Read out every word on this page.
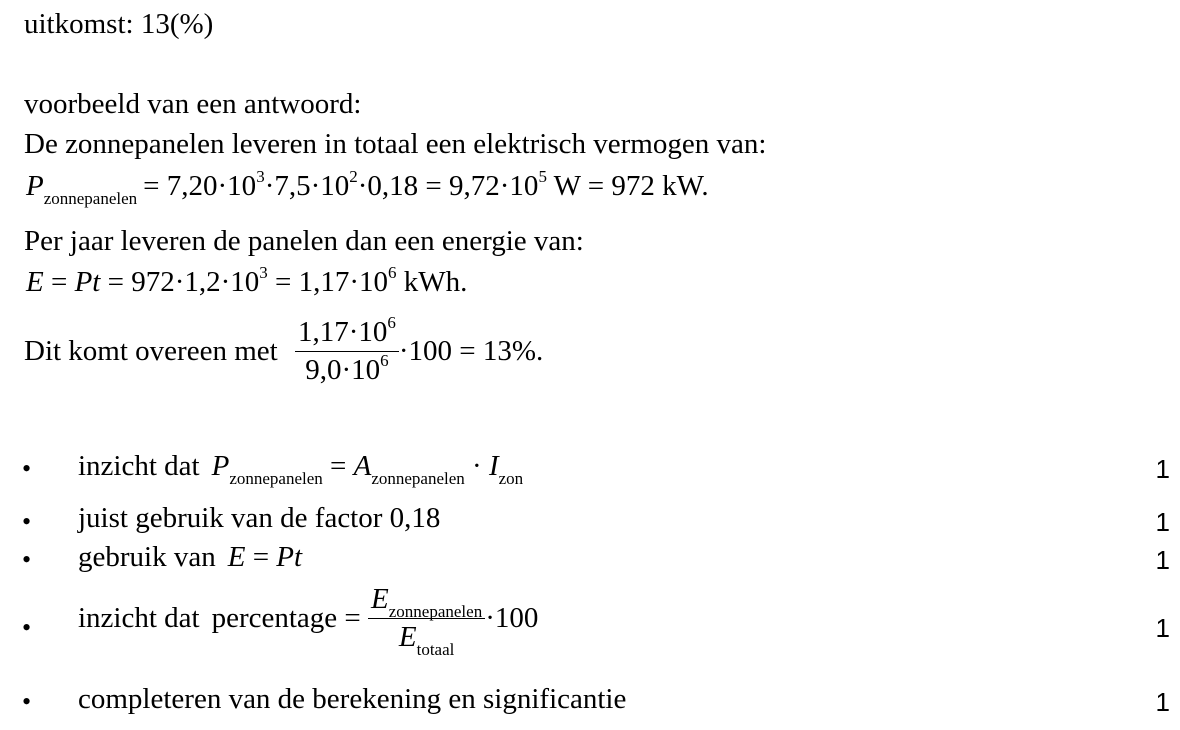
uitkomst: 13(%)
voorbeeld van een antwoord:
De zonnepanelen leveren in totaal een elektrisch vermogen van:
$P_{zonnepanelen} = 7,20\cdot 10^3\cdot 7,5\cdot 10^2\cdot 0,18 = 9,72\cdot 10^5$ W = 972 kW.
Per jaar leveren de panelen dan een energie van:
$E = Pt = 972\cdot 1,2\cdot 10^3 = 1,17\cdot 10^6$ kWh.
Dit komt overeen met $\frac{1,17\cdot 10^6}{9,0\cdot 10^6} \cdot 100 = 13\%$.
• inzicht dat $P_{zonnepanelen} = A_{zonnepanelen} \cdot I_{zon}$	1
• juist gebruik van de factor 0,18	1
• gebruik van E = Pt	1
• inzicht dat percentage = $\frac{E_{zonnepanelen}}{E_{totaal}} \cdot 100$	1
• completeren van de berekening en significantie	1
